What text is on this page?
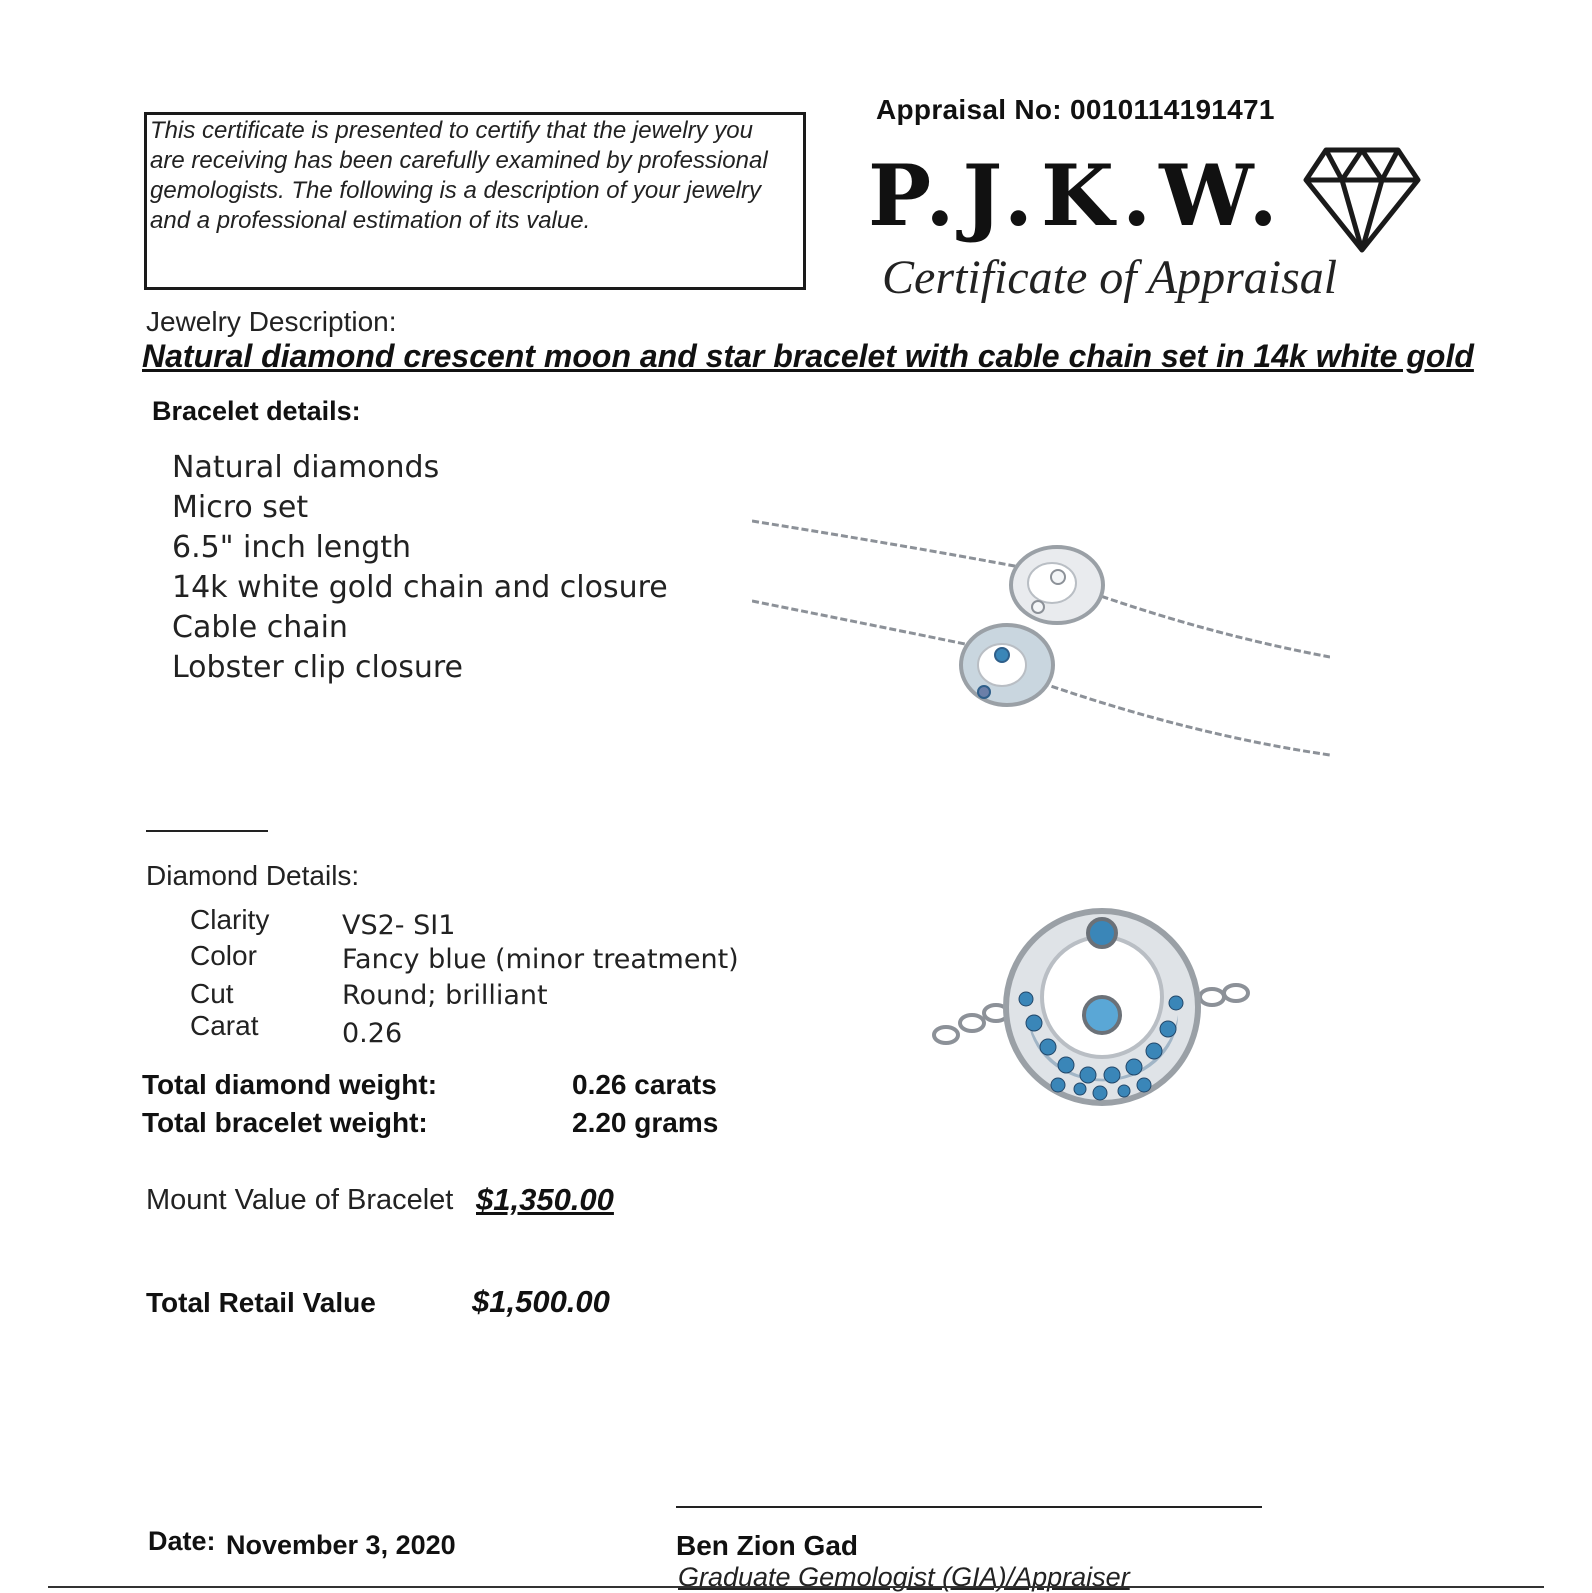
This certificate is presented to certify that the jewelry you
are receiving has been carefully examined by professional
gemologists. The following is a description of your jewelry
and a professional estimation of its value.
Appraisal No: 0010114191471
P.J.K.W.
Certificate of Appraisal
Jewelry Description:
Natural diamond crescent moon and star bracelet with cable chain set in 14k white gold
Bracelet details:
Natural diamonds
Micro set
6.5" inch length
14k white gold chain and closure
Cable chain
Lobster clip closure
Diamond Details:
Clarity	VS2- SI1
Color	Fancy blue (minor treatment)
Cut	Round; brilliant
Carat	0.26
Total diamond weight:	0.26 carats
Total bracelet weight:	2.20 grams
Mount Value of Bracelet $1,350.00
Total Retail Value	$1,500.00
Date: November 3, 2020	Ben Zion Gad
Graduate Gemologist (GIA)/Appraiser
